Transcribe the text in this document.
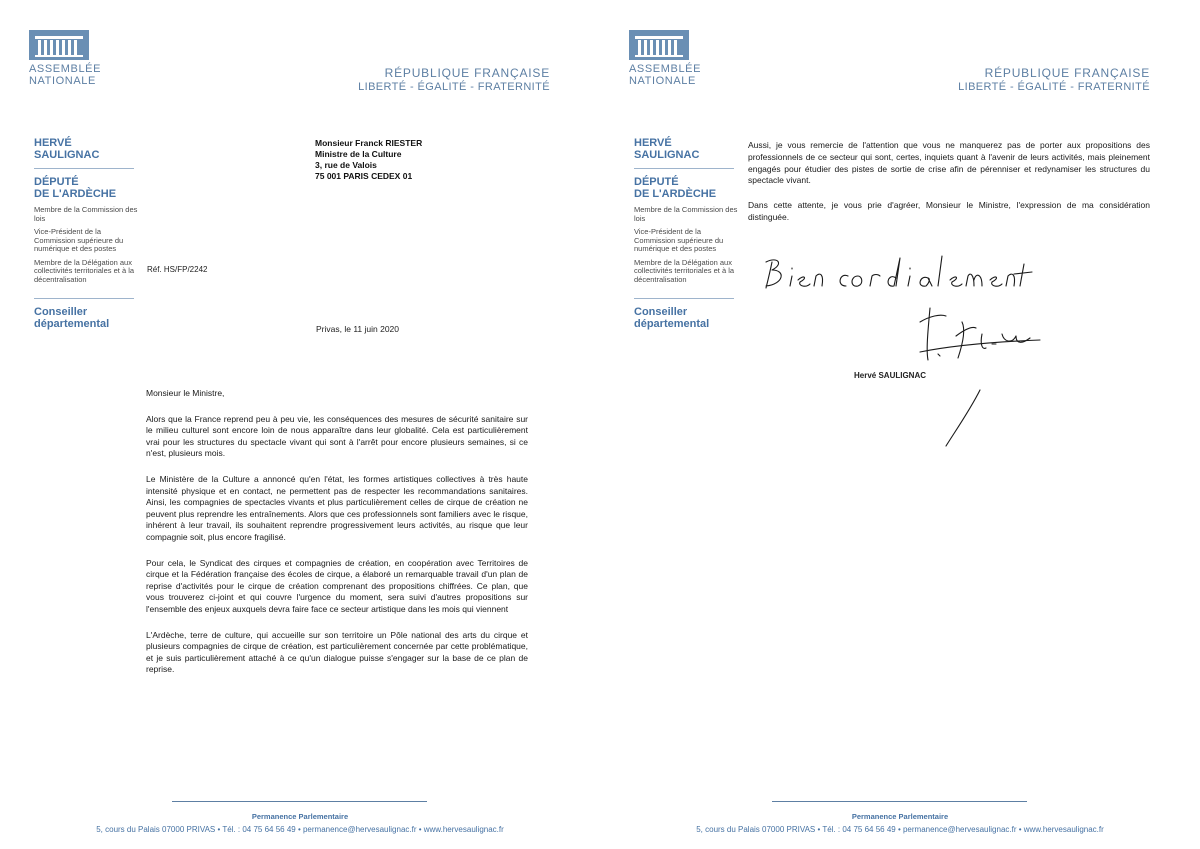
ASSEMBLÉE
NATIONALE
RÉPUBLIQUE FRANÇAISE
LIBERTÉ - ÉGALITÉ - FRATERNITÉ
HERVÉ
SAULIGNAC
DÉPUTÉ
DE L'ARDÈCHE
Membre de la Commission des lois
Vice-Président de la Commission supérieure du numérique et des postes
Membre de la Délégation aux collectivités territoriales et à la décentralisation
Conseiller
départemental
Monsieur Franck RIESTER
Ministre de la Culture
3, rue de Valois
75 001 PARIS CEDEX 01
Réf. HS/FP/2242
Privas, le 11 juin 2020

Monsieur le Ministre,

Alors que la France reprend peu à peu vie, les conséquences des mesures de sécurité sanitaire sur le milieu culturel sont encore loin de nous apparaître dans leur globalité. Cela est particulièrement vrai pour les structures du spectacle vivant qui sont à l'arrêt pour encore plusieurs semaines, si ce n'est, plusieurs mois.

Le Ministère de la Culture a annoncé qu'en l'état, les formes artistiques collectives à très haute intensité physique et en contact, ne permettent pas de respecter les recommandations sanitaires. Ainsi, les compagnies de spectacles vivants et plus particulièrement celles de cirque de création ne peuvent plus reprendre les entraînements. Alors que ces professionnels sont familiers avec le risque, inhérent à leur travail, ils souhaitent reprendre progressivement leurs activités, au risque que leur compagnie soit, plus encore fragilisé.

Pour cela, le Syndicat des cirques et compagnies de création, en coopération avec Territoires de cirque et la Fédération française des écoles de cirque, a élaboré un remarquable travail d'un plan de reprise d'activités pour le cirque de création comprenant des propositions chiffrées. Ce plan, que vous trouverez ci-joint et qui couvre l'urgence du moment, sera suivi d'autres propositions sur l'ensemble des enjeux auxquels devra faire face ce secteur artistique dans les mois qui viennent

L'Ardèche, terre de culture, qui accueille sur son territoire un Pôle national des arts du cirque et plusieurs compagnies de cirque de création, est particulièrement concernée par cette problématique, et je suis particulièrement attaché à ce qu'un dialogue puisse s'engager sur la base de ce plan de reprise.

Permanence Parlementaire
5, cours du Palais 07000 PRIVAS • Tél. : 04 75 64 56 49 • permanence@hervesaulignac.fr • www.hervesaulignac.fr
ASSEMBLÉE
NATIONALE
RÉPUBLIQUE FRANÇAISE
LIBERTÉ - ÉGALITÉ - FRATERNITÉ
HERVÉ
SAULIGNAC
DÉPUTÉ
DE L'ARDÈCHE
Membre de la Commission des lois
Vice-Président de la Commission supérieure du numérique et des postes
Membre de la Délégation aux collectivités territoriales et à la décentralisation
Conseiller
départemental

Aussi, je vous remercie de l'attention que vous ne manquerez pas de porter aux propositions des professionnels de ce secteur qui sont, certes, inquiets quant à l'avenir de leurs activités, mais pleinement engagés pour étudier des pistes de sortie de crise afin de pérenniser et redynamiser les structures du spectacle vivant.

Dans cette attente, je vous prie d'agréer, Monsieur le Ministre, l'expression de ma considération distinguée.

Hervé SAULIGNAC
Permanence Parlementaire
5, cours du Palais 07000 PRIVAS • Tél. : 04 75 64 56 49 • permanence@hervesaulignac.fr • www.hervesaulignac.fr
